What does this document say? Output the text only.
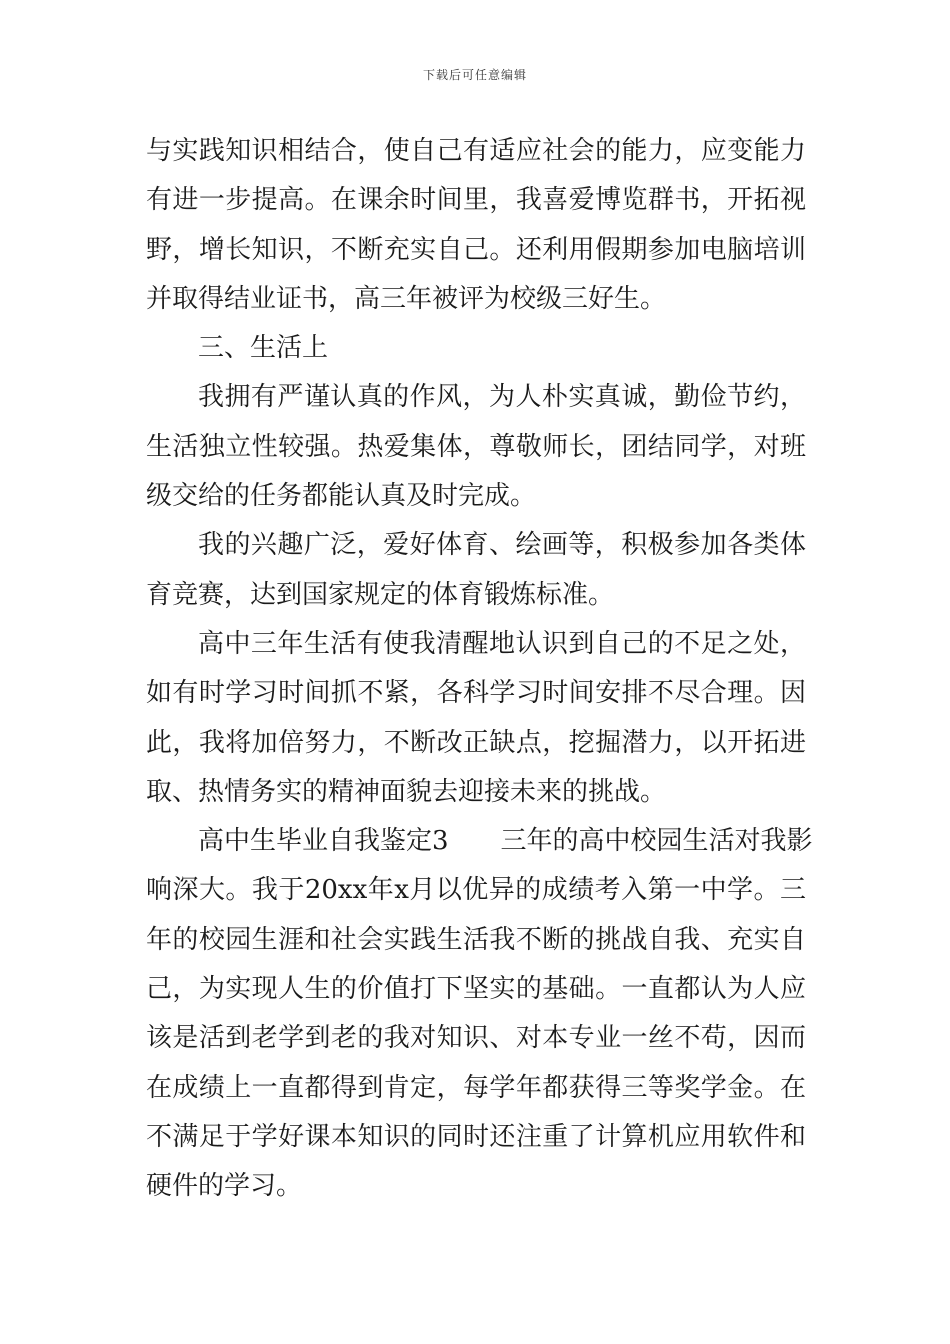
下载后可任意编辑
与实践知识相结合，使自己有适应社会的能力，应变能力
有进一步提高。在课余时间里，我喜爱博览群书，开拓视
野，增长知识，不断充实自己。还利用假期参加电脑培训
并取得结业证书，高三年被评为校级三好生。
三、生活上
我拥有严谨认真的作风，为人朴实真诚，勤俭节约，
生活独立性较强。热爱集体，尊敬师长，团结同学，对班
级交给的任务都能认真及时完成。
我的兴趣广泛，爱好体育、绘画等，积极参加各类体
育竞赛，达到国家规定的体育锻炼标准。
高中三年生活有使我清醒地认识到自己的不足之处，
如有时学习时间抓不紧，各科学习时间安排不尽合理。因
此，我将加倍努力，不断改正缺点，挖掘潜力，以开拓进
取、热情务实的精神面貌去迎接未来的挑战。
高中生毕业自我鉴定3　　三年的高中校园生活对我影
响深大。我于20xx年x月以优异的成绩考入第一中学。三
年的校园生涯和社会实践生活我不断的挑战自我、充实自
己，为实现人生的价值打下坚实的基础。一直都认为人应
该是活到老学到老的我对知识、对本专业一丝不苟，因而
在成绩上一直都得到肯定，每学年都获得三等奖学金。在
不满足于学好课本知识的同时还注重了计算机应用软件和
硬件的学习。
